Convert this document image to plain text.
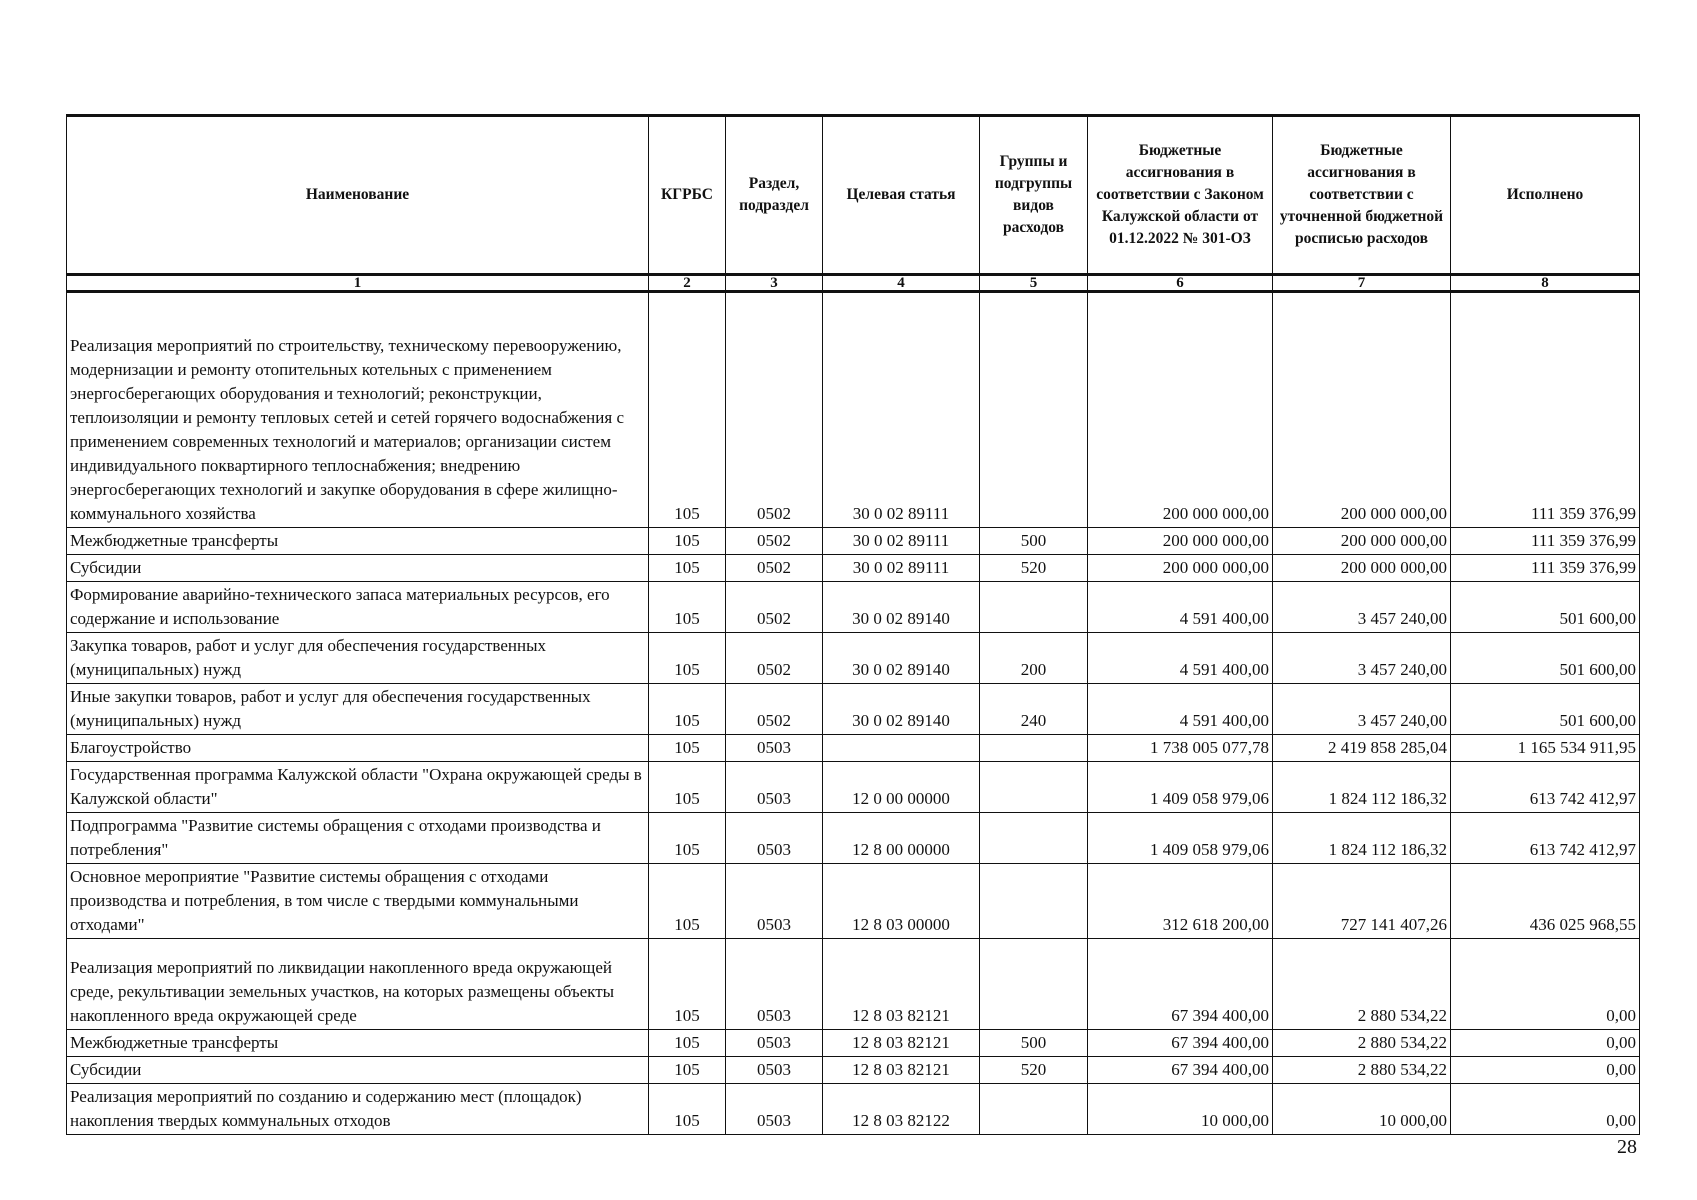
Наименование	КГРБС	Раздел, подраздел	Целевая статья	Группы и подгруппы видов расходов	Бюджетные ассигнования в соответствии с Законом Калужской области от 01.12.2022 № 301-ОЗ	Бюджетные ассигнования в соответствии с уточненной бюджетной росписью расходов	Исполнено
1	2	3	4	5	6	7	8
Реализация мероприятий по строительству, техническому перевооружению, модернизации и ремонту отопительных котельных с применением энергосберегающих оборудования и технологий; реконструкции, теплоизоляции и ремонту тепловых сетей и сетей горячего водоснабжения с применением современных технологий и материалов; организации систем индивидуального поквартирного теплоснабжения; внедрению энергосберегающих технологий и закупке оборудования в сфере жилищно-коммунального хозяйства	105	0502	30 0 02 89111		200 000 000,00	200 000 000,00	111 359 376,99
Межбюджетные трансферты	105	0502	30 0 02 89111	500	200 000 000,00	200 000 000,00	111 359 376,99
Субсидии	105	0502	30 0 02 89111	520	200 000 000,00	200 000 000,00	111 359 376,99
Формирование аварийно-технического запаса материальных ресурсов, его содержание и использование	105	0502	30 0 02 89140		4 591 400,00	3 457 240,00	501 600,00
Закупка товаров, работ и услуг для обеспечения государственных (муниципальных) нужд	105	0502	30 0 02 89140	200	4 591 400,00	3 457 240,00	501 600,00
Иные закупки товаров, работ и услуг для обеспечения государственных (муниципальных) нужд	105	0502	30 0 02 89140	240	4 591 400,00	3 457 240,00	501 600,00
Благоустройство	105	0503			1 738 005 077,78	2 419 858 285,04	1 165 534 911,95
Государственная программа Калужской области "Охрана окружающей среды в Калужской области"	105	0503	12 0 00 00000		1 409 058 979,06	1 824 112 186,32	613 742 412,97
Подпрограмма "Развитие системы обращения с отходами производства и потребления"	105	0503	12 8 00 00000		1 409 058 979,06	1 824 112 186,32	613 742 412,97
Основное мероприятие "Развитие системы обращения с отходами производства и потребления, в том числе с твердыми коммунальными отходами"	105	0503	12 8 03 00000		312 618 200,00	727 141 407,26	436 025 968,55
Реализация мероприятий по ликвидации накопленного вреда окружающей среде, рекультивации земельных участков, на которых размещены объекты накопленного вреда окружающей среде	105	0503	12 8 03 82121		67 394 400,00	2 880 534,22	0,00
Межбюджетные трансферты	105	0503	12 8 03 82121	500	67 394 400,00	2 880 534,22	0,00
Субсидии	105	0503	12 8 03 82121	520	67 394 400,00	2 880 534,22	0,00
Реализация мероприятий по созданию и содержанию мест (площадок) накопления твердых коммунальных отходов	105	0503	12 8 03 82122		10 000,00	10 000,00	0,00
28
